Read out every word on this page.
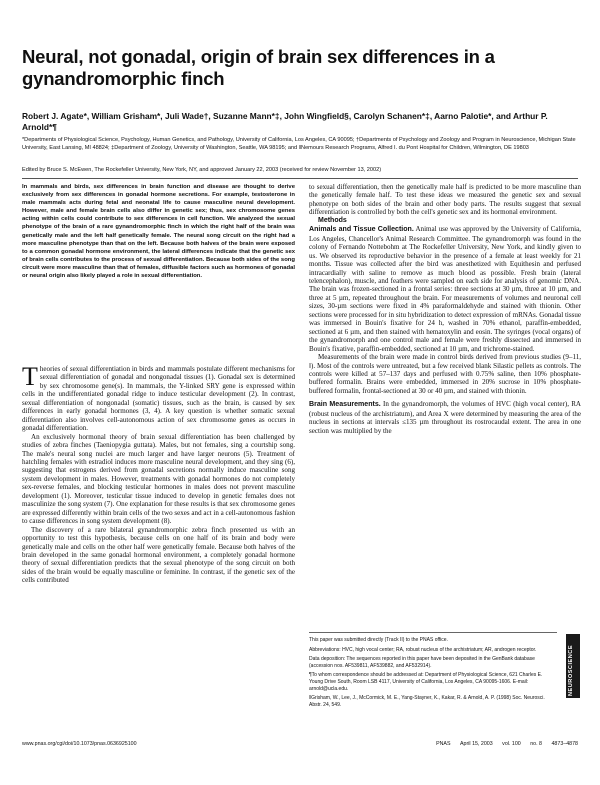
Neural, not gonadal, origin of brain sex differences in a gynandromorphic finch

Robert J. Agate*, William Grisham*, Juli Wade†, Suzanne Mann*‡, John Wingfield§, Carolyn Schanen*‡, Aarno Palotie*, and Arthur P. Arnold*¶

*Departments of Physiological Science, Psychology, Human Genetics, and Pathology, University of California, Los Angeles, CA 90095; †Departments of Psychology and Zoology and Program in Neuroscience, Michigan State University, East Lansing, MI 48824; ‡Department of Zoology, University of Washington, Seattle, WA 98195; and ‖Nemours Research Programs, Alfred I. du Pont Hospital for Children, Wilmington, DE 19803

Edited by Bruce S. McEwen, The Rockefeller University, New York, NY, and approved January 22, 2003 (received for review November 13, 2002)

In mammals and birds, sex differences in brain function and disease are thought to derive exclusively from sex differences in gonadal hormone secretions. For example, testosterone in male mammals acts during fetal and neonatal life to cause masculine neural development. However, male and female brain cells also differ in genetic sex; thus, sex chromosome genes acting within cells could contribute to sex differences in cell function. We analyzed the sexual phenotype of the brain of a rare gynandromorphic finch in which the right half of the brain was genetically male and the left half genetically female. The neural song circuit on the right had a more masculine phenotype than that on the left. Because both halves of the brain were exposed to a common gonadal hormone environment, the lateral differences indicate that the genetic sex of brain cells contributes to the process of sexual differentiation. Because both sides of the song circuit were more masculine than that of females, diffusible factors such as hormones of gonadal or neural origin also likely played a role in sexual differentiation.

Theories of sexual differentiation in birds and mammals postulate different mechanisms for sexual differentiation of gonadal and nongonadal tissues (1). Gonadal sex is determined by sex chromosome gene(s). In mammals, the Y-linked SRY gene is expressed within cells in the undifferentiated gonadal ridge to induce testicular development (2). In contrast, sexual differentiation of nongonadal (somatic) tissues, such as the brain, is caused by sex differences in early gonadal hormones (3, 4). A key question is whether somatic sexual differentiation also involves cell-autonomous action of sex chromosome genes as occurs in gonadal differentiation.

An exclusively hormonal theory of brain sexual differentiation has been challenged by studies of zebra finches (Taeniopygia guttata). Males, but not females, sing a courtship song. The male's neural song nuclei are much larger and have larger neurons (5). Treatment of hatchling females with estradiol induces more masculine neural development, and they sing (6), suggesting that estrogens derived from gonadal secretions normally induce masculine song system development in males. However, treatments with gonadal hormones do not completely sex-reverse females, and blocking testicular hormones in males does not prevent masculine development (1). Moreover, testicular tissue induced to develop in genetic females does not masculinize the song system (7). One explanation for these results is that sex chromosome genes are expressed differently within brain cells of the two sexes and act in a cell-autonomous fashion to cause differences in song system development (8).

The discovery of a rare bilateral gynandromorphic zebra finch presented us with an opportunity to test this hypothesis, because cells on one half of its brain and body were genetically male and cells on the other half were genetically female. Because both halves of the brain developed in the same gonadal hormonal environment, a completely gonadal hormone theory of sexual differentiation predicts that the sexual phenotype of the song circuit on both sides of the brain would be equally masculine or feminine. In contrast, if the genetic sex of the cells contributed

to sexual differentiation, then the genetically male half is predicted to be more masculine than the genetically female half. To test these ideas we measured the genetic sex and sexual phenotype on both sides of the brain and other body parts. The results suggest that sexual differentiation is controlled by both the cell's genetic sex and its hormonal environment.

Methods

Animals and Tissue Collection. Animal use was approved by the University of California, Los Angeles, Chancellor's Animal Research Committee. The gynandromorph was found in the colony of Fernando Nottebohm at The Rockefeller University, New York, and kindly given to us. We observed its reproductive behavior in the presence of a female at least weekly for 21 months. Tissue was collected after the bird was anesthetized with Equithesin and perfused intracardially with saline to remove as much blood as possible. Fresh brain (lateral telencephalon), muscle, and feathers were sampled on each side for analysis of genomic DNA. The brain was frozen-sectioned in a frontal series: three sections at 30 µm, three at 10 µm, and three at 5 µm, repeated throughout the brain. For measurements of volumes and neuronal cell sizes, 30-µm sections were fixed in 4% paraformaldehyde and stained with thionin. Other sections were processed for in situ hybridization to detect expression of mRNAs. Gonadal tissue was immersed in Bouin's fixative for 24 h, washed in 70% ethanol, paraffin-embedded, sectioned at 6 µm, and then stained with hematoxylin and eosin. The syringes (vocal organs) of the gynandromorph and one control male and female were freshly dissected and immersed in Bouin's fixative, paraffin-embedded, sectioned at 10 µm, and trichrome-stained.

Measurements of the brain were made in control birds derived from previous studies (9–11, ‖). Most of the controls were untreated, but a few received blank Silastic pellets as controls. The controls were killed at 57–137 days and perfused with 0.75% saline, then 10% phosphate-buffered formalin. Brains were embedded, immersed in 20% sucrose in 10% phosphate-buffered formalin, frontal-sectioned at 30 or 40 µm, and stained with thionin.

Brain Measurements. In the gynandromorph, the volumes of HVC (high vocal center), RA (robust nucleus of the archistriatum), and Area X were determined by measuring the area of the nucleus in sections at intervals ≤135 µm throughout its rostrocaudal extent. The area in one section was multiplied by the

This paper was submitted directly (Track II) to the PNAS office.

Abbreviations: HVC, high vocal center; RA, robust nucleus of the archistriatum; AR, androgen receptor.

Data deposition: The sequences reported in this paper have been deposited in the GenBank database (accession nos. AF539811, AF539882, and AF532914).

¶To whom correspondence should be addressed at: Department of Physiological Science, 621 Charles E. Young Drive South, Room LSB 4117, University of California, Los Angeles, CA 90095-1606. E-mail: arnold@ucla.edu.

‖Grisham, W., Lee, J., McCormick, M. E., Yang-Stayner, K., Kakar, R. & Arnold, A. P. (1998) Soc. Neurosci. Abstr. 24, 549.

NEUROSCIENCE
www.pnas.org/cgi/doi/10.1073/pnas.0636925100	PNAS April 15, 2003 vol. 100 no. 8 4873–4878
